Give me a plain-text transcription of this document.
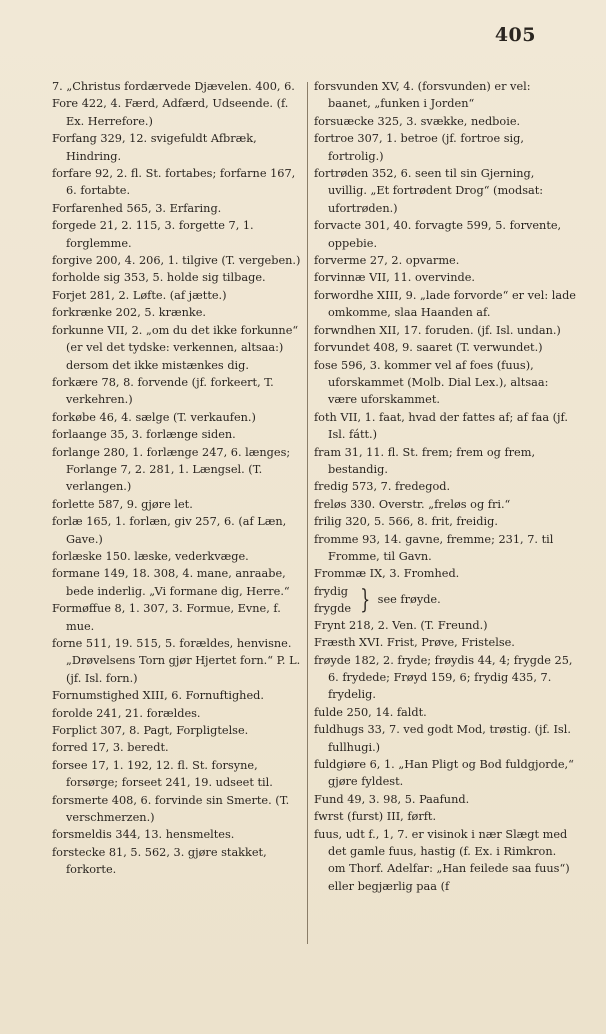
405

7. „Christus fordærvede Djævelen. 400, 6.

Fore 422, 4. Færd, Adfærd, Udseende. (f. Ex. Herrefore.)

Forfang 329, 12. svigefuldt Afbræk, Hindring.

forfare 92, 2. fl. St. fortabes; forfarne 167, 6. fortabte.

Forfarenhed 565, 3. Erfaring.

forgede 21, 2. 115, 3. forgette 7, 1. forglemme.

forgive 200, 4. 206, 1. tilgive (T. vergeben.)

forholde sig 353, 5. holde sig tilbage.

Forjet 281, 2. Løfte. (af jætte.)

forkrænke 202, 5. krænke.

forkunne VII, 2. „om du det ikke forkunne“ (er vel det tydske: verkennen, altsaa:) dersom det ikke mistænkes dig.

forkære 78, 8. forvende (jf. forkeert, T. verkehren.)

forkøbe 46, 4. sælge (T. verkaufen.)

forlaange 35, 3. forlænge siden.

forlange 280, 1. forlænge 247, 6. længes; Forlange 7, 2. 281, 1. Længsel. (T. verlangen.)

forlette 587, 9. gjøre let.

forlæ 165, 1. forlæn, giv 257, 6. (af Læn, Gave.)

forlæske 150. læske, vederkvæge.

formane 149, 18. 308, 4. mane, anraabe, bede inderlig. „Vi formane dig, Herre.“

Formøffue 8, 1. 307, 3. Formue, Evne, f. mue.

forne 511, 19. 515, 5. forældes, henvisne. „Drøvelsens Torn gjør Hjertet forn.“ P. L. (jf. Isl. forn.)

Fornumstighed XIII, 6. Fornuftighed.

forolde 241, 21. forældes.

Forplict 307, 8. Pagt, Forpligtelse.

forred 17, 3. beredt.

forsee 17, 1. 192, 12. fl. St. forsyne, forsørge; forseet 241, 19. udseet til.

forsmerte 408, 6. forvinde sin Smerte. (T. verschmerzen.)

forsmeldis 344, 13. hensmeltes.

forstecke 81, 5. 562, 3. gjøre stakket, forkorte.

forsvunden XV, 4. (forsvunden) er vel: baanet, „funken i Jorden“

forsuæcke 325, 3. svække, nedboie.

fortroe 307, 1. betroe (jf. fortroe sig, fortrolig.)

fortrøden 352, 6. seen til sin Gjerning, uvillig. „Et fortrødent Drog“ (modsat: ufortrøden.)

forvacte 301, 40. forvagte 599, 5. forvente, oppebie.

forverme 27, 2. opvarme.

forvinnæ VII, 11. overvinde.

forwordhe XIII, 9. „lade forvorde“ er vel: lade omkomme, slaa Haanden af.

forwndhen XII, 17. foruden. (jf. Isl. undan.)

forvundet 408, 9. saaret (T. verwundet.)

fose 596, 3. kommer vel af foes (fuus), uforskammet (Molb. Dial Lex.), altsaa: være uforskammet.

foth VII, 1. faat, hvad der fattes af; af faa (jf. Isl. fátt.)

fram 31, 11. fl. St. frem; frem og frem, bestandig.

fredig 573, 7. fredegod.

freløs 330. Overstr. „freløs og fri.“

frilig 320, 5. 566, 8. frit, freidig.

fromme 93, 14. gavne, fremme; 231, 7. til Fromme, til Gavn.

Frommæ IX, 3. Fromhed.

frydig
frygde } see frøyde.

Frynt 218, 2. Ven. (T. Freund.)

Fræsth XVI. Frist, Prøve, Fristelse.

frøyde 182, 2. fryde; frøydis 44, 4; frygde 25, 6. frydede; Frøyd 159, 6; frydig 435, 7. frydelig.

fulde 250, 14. faldt.

fuldhugs 33, 7. ved godt Mod, trøstig. (jf. Isl. fullhugi.)

fuldgiøre 6, 1. „Han Pligt og Bod fuldgjorde,“ gjøre fyldest.

Fund 49, 3. 98, 5. Paafund.

fwrst (furst) III, førft.

fuus, udt f., 1, 7. er visinok i nær Slægt med det gamle fuus, hastig (f. Ex. i Rimkron. om Thorf. Adelfar: „Han feilede saa fuus“) eller begjærlig paa (f
